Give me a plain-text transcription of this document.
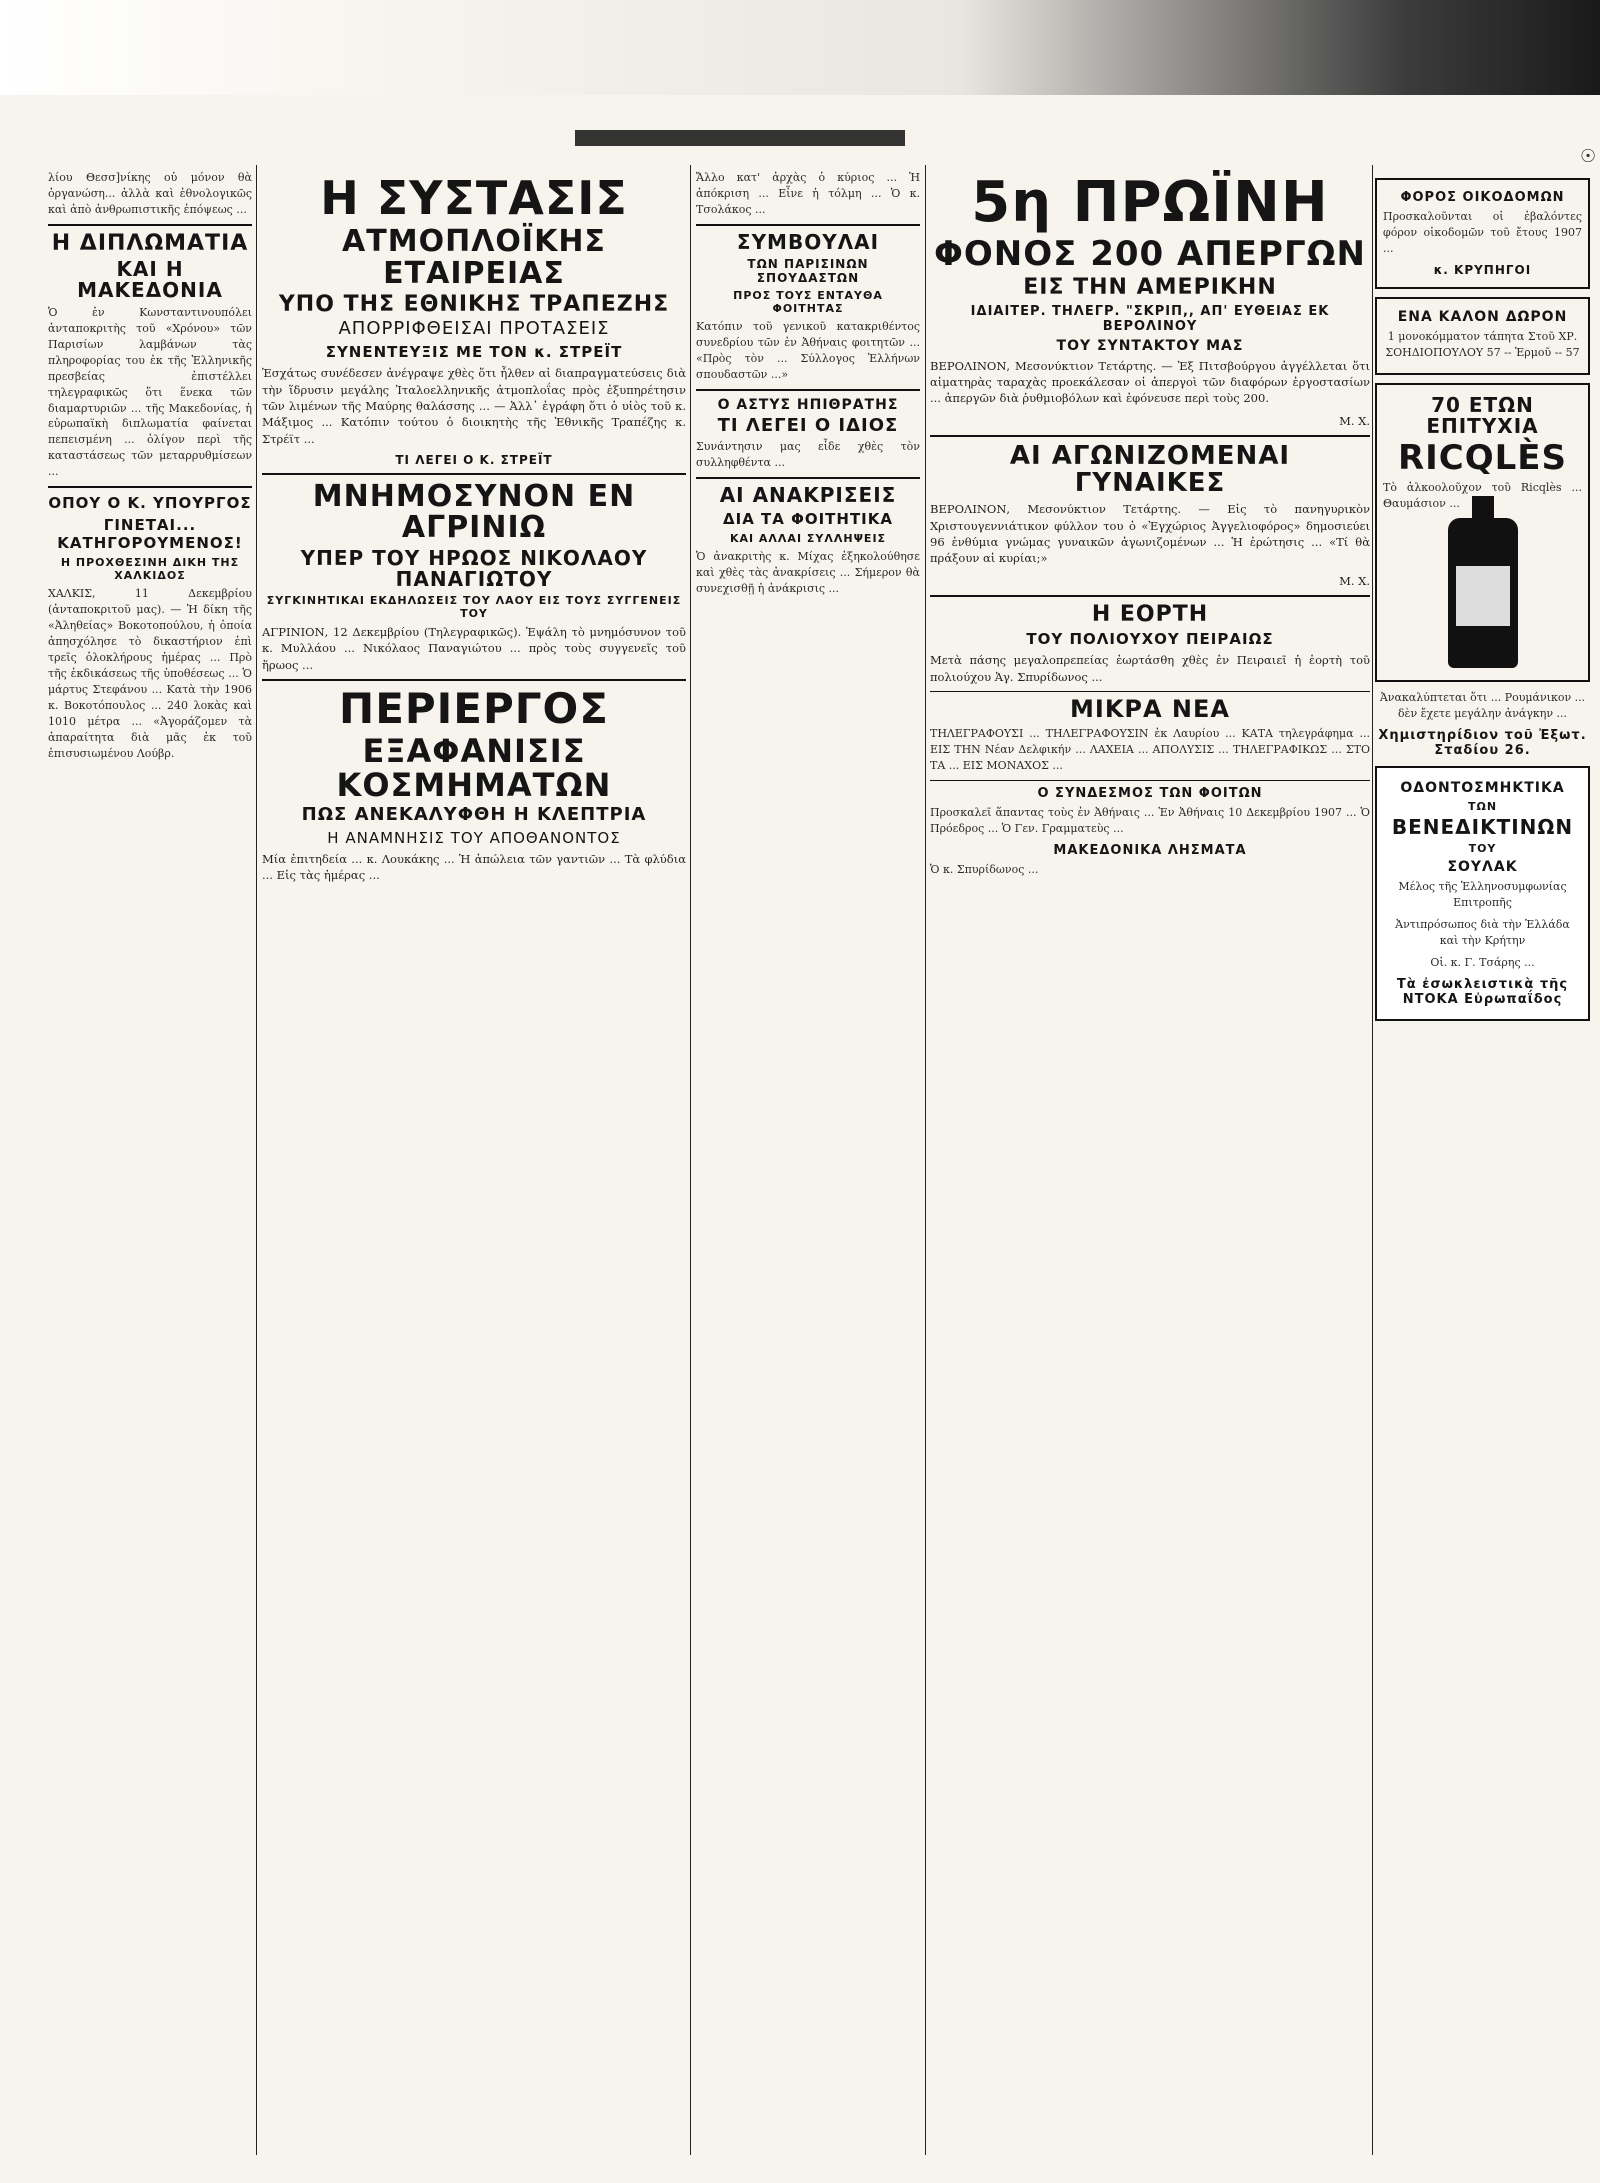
☉

λίου Θεσσ]νίκης οὐ μόνον θὰ ὀργανώση... ἀλλὰ καὶ ἐθνολογικῶς καὶ ἀπὸ ἀνθρωπιστικῆς ἐπόψεως ...

Η ΔΙΠΛΩΜΑΤΙΑ
ΚΑΙ Η ΜΑΚΕΔΟΝΙΑ

Ὁ ἐν Κωνσταντινουπόλει ἀνταποκριτὴς τοῦ «Χρόνου» τῶν Παρισίων λαμβάνων τὰς πληροφορίας του ἐκ τῆς Ἑλληνικῆς πρεσβείας ἐπιστέλλει τηλεγραφικῶς ὅτι ἕνεκα τῶν διαμαρτυριῶν ... τῆς Μακεδονίας, ἡ εὐρωπαϊκὴ διπλωματία φαίνεται πεπεισμένη ... ὀλίγον περὶ τῆς καταστάσεως τῶν μεταρρυθμίσεων ...

ΟΠΟΥ Ο Κ. ΥΠΟΥΡΓΟΣ
ΓΙΝΕΤΑΙ... ΚΑΤΗΓΟΡΟΥΜΕΝΟΣ!
Η ΠΡΟΧΘΕΣΙΝΗ ΔΙΚΗ ΤΗΣ ΧΑΛΚΙΔΟΣ

ΧΑΛΚΙΣ, 11 Δεκεμβρίου (ἀνταποκριτοῦ μας). — Ἡ δίκη τῆς «Ἀληθείας» Βοκοτοπούλου, ἡ ὁποία ἀπησχόλησε τὸ δικαστήριον ἐπὶ τρεῖς ὁλοκλήρους ἡμέρας ... Πρὸ τῆς ἐκδικάσεως τῆς ὑποθέσεως ... Ὁ μάρτυς Στεφάνου ... Κατὰ τὴν 1906 κ. Βοκοτόπουλος ... 240 λοκὰς καὶ 1010 μέτρα ... «Ἀγοράζομεν τὰ ἀπαραίτητα διὰ μᾶς ἐκ τοῦ ἐπισυσιωμένου Λούβρ.

Η ΣΥΣΤΑΣΙΣ
ΑΤΜΟΠΛΟΪΚΗΣ ΕΤΑΙΡΕΙΑΣ
ΥΠΟ ΤΗΣ ΕΘΝΙΚΗΣ ΤΡΑΠΕΖΗΣ
ΑΠΟΡΡΙΦΘΕΙΣΑΙ ΠΡΟΤΑΣΕΙΣ
ΣΥΝΕΝΤΕΥΞΙΣ ΜΕ ΤΟΝ κ. ΣΤΡΕΪΤ

Ἐσχάτως συνέδεσεν ἀνέγραψε χθὲς ὅτι ἦλθεν αἱ διαπραγματεύσεις διὰ τὴν ἵδρυσιν μεγάλης Ἰταλοελληνικῆς ἀτμοπλοΐας πρὸς ἐξυπηρέτησιν τῶν λιμένων τῆς Μαύρης θαλάσσης ... — Ἀλλ᾽ ἐγράφη ὅτι ὁ υἱὸς τοῦ κ. Μάξιμος ... Κατόπιν τούτου ὁ διοικητὴς τῆς Ἐθνικῆς Τραπέζης κ. Στρέϊτ ...

ΤΙ ΛΕΓΕΙ Ο Κ. ΣΤΡΕΪΤ
ΜΝΗΜΟΣΥΝΟΝ ΕΝ ΑΓΡΙΝΙΩ
ΥΠΕΡ ΤΟΥ ΗΡΩΟΣ ΝΙΚΟΛΑΟΥ ΠΑΝΑΓΙΩΤΟΥ
ΣΥΓΚΙΝΗΤΙΚΑΙ ΕΚΔΗΛΩΣΕΙΣ ΤΟΥ ΛΑΟΥ ΕΙΣ ΤΟΥΣ ΣΥΓΓΕΝΕΙΣ ΤΟΥ

ΑΓΡΙΝΙΟΝ, 12 Δεκεμβρίου (Τηλεγραφικῶς). Ἐψάλη τὸ μνημόσυνον τοῦ κ. Μυλλάου ... Νικόλαος Παναγιώτου ... πρὸς τοὺς συγγενεῖς τοῦ ἥρωος ...

ΠΕΡΙΕΡΓΟΣ
ΕΞΑΦΑΝΙΣΙΣ ΚΟΣΜΗΜΑΤΩΝ
ΠΩΣ ΑΝΕΚΑΛΥΦΘΗ Η ΚΛΕΠΤΡΙΑ
Η ΑΝΑΜΝΗΣΙΣ ΤΟΥ ΑΠΟΘΑΝΟΝΤΟΣ

Μία ἐπιτηδεία ... κ. Λουκάκης ... Ἡ ἀπώλεια τῶν γαντιῶν ... Τὰ φλύδια ... Εἰς τὰς ἡμέρας ...

Ἄλλο κατ' ἀρχὰς ὁ κύριος ... Ἡ ἀπόκριση ... Εἶνε ἡ τόλμη ... Ὁ κ. Τσολάκος ...

ΣΥΜΒΟΥΛΑΙ
ΤΩΝ ΠΑΡΙΣΙΝΩΝ ΣΠΟΥΔΑΣΤΩΝ
ΠΡΟΣ ΤΟΥΣ ΕΝΤΑΥΘΑ ΦΟΙΤΗΤΑΣ

Κατόπιν τοῦ γενικοῦ κατακριθέντος συνεδρίου τῶν ἐν Ἀθήναις φοιτητῶν ... «Πρὸς τὸν ... Σύλλογος Ἑλλήνων σπουδαστῶν ...»

Ο ΑΣΤΥΣ ΗΠΙΘΡΑΤΗΣ
ΤΙ ΛΕΓΕΙ Ο ΙΔΙΟΣ

Συνάντησιν μας εἶδε χθὲς τὸν συλληφθέντα ...

ΑΙ ΑΝΑΚΡΙΣΕΙΣ
ΔΙΑ ΤΑ ΦΟΙΤΗΤΙΚΑ
ΚΑΙ ΑΛΛΑΙ ΣΥΛΛΗΨΕΙΣ

Ὁ ἀνακριτὴς κ. Μίχας ἐξηκολούθησε καὶ χθὲς τὰς ἀνακρίσεις ... Σήμερον θὰ συνεχισθῇ ἡ ἀνάκρισις ...

5η ΠΡΩΪΝΗ
ΦΟΝΟΣ 200 ΑΠΕΡΓΩΝ
ΕΙΣ ΤΗΝ ΑΜΕΡΙΚΗΝ
ΙΔΙΑΙΤΕΡ. ΤΗΛΕΓΡ. "ΣΚΡΙΠ,, ΑΠ' ΕΥΘΕΙΑΣ ΕΚ ΒΕΡΟΛΙΝΟΥ
ΤΟΥ ΣΥΝΤΑΚΤΟΥ ΜΑΣ

ΒΕΡΟΛΙΝΟΝ, Μεσονύκτιον Τετάρτης. — Ἐξ Πιτσβούργου ἀγγέλλεται ὅτι αἱματηρὰς ταραχὰς προεκάλεσαν οἱ ἀπεργοὶ τῶν διαφόρων ἐργοστασίων ... ἀπεργῶν διὰ ῥυθμιοβόλων καὶ ἐφόνευσε περὶ τοὺς 200.

Μ. Χ.
ΑΙ ΑΓΩΝΙΖΟΜΕΝΑΙ ΓΥΝΑΙΚΕΣ

ΒΕΡΟΛΙΝΟΝ, Μεσονύκτιον Τετάρτης. — Εἰς τὸ πανηγυρικὸν Χριστουγεννιάτικον φύλλον του ὁ «Ἐγχώριος Ἀγγελιοφόρος» δημοσιεύει 96 ἐνθύμια γνώμας γυναικῶν ἀγωνιζομένων ... Ἡ ἐρώτησις ... «Τί θὰ πράξουν αἱ κυρίαι;»

Μ. Χ.
Η ΕΟΡΤΗ
ΤΟΥ ΠΟΛΙΟΥΧΟΥ ΠΕΙΡΑΙΩΣ

Μετὰ πάσης μεγαλοπρεπείας ἐωρτάσθη χθὲς ἐν Πειραιεῖ ἡ ἑορτὴ τοῦ πολιούχου Ἁγ. Σπυρίδωνος ...

ΜΙΚΡΑ ΝΕΑ

ΤΗΛΕΓΡΑΦΟΥΣΙ ... ΤΗΛΕΓΡΑΦΟΥΣΙΝ ἐκ Λαυρίου ... ΚΑΤΑ τηλεγράφημα ... ΕΙΣ ΤΗΝ Νέαν Δελφικήν ... ΛΑΧΕΙΑ ... ΑΠΟΛΥΣΙΣ ... ΤΗΛΕΓΡΑΦΙΚΩΣ ... ΣΤΟ ΤΑ ... ΕΙΣ ΜΟΝΑΧΟΣ ...

Ο ΣΥΝΔΕΣΜΟΣ ΤΩΝ ΦΟΙΤΩΝ

Προσκαλεῖ ἅπαντας τοὺς ἐν Ἀθήναις ... Ἐν Ἀθήναις 10 Δεκεμβρίου 1907 ... Ὁ Πρόεδρος ... Ὁ Γεν. Γραμματεὺς ...

ΜΑΚΕΔΟΝΙΚΑ ΛΗΣΜΑΤΑ

Ὁ κ. Σπυρίδωνος ...

ΦΟΡΟΣ ΟΙΚΟΔΟΜΩΝ

Προσκαλοῦνται οἱ ἐβαλόντες φόρον οἰκοδομῶν τοῦ ἔτους 1907 ...

κ. ΚΡΥΠΗΓΟΙ
ΕΝΑ ΚΑΛΟΝ ΔΩΡΟΝ

1 μονοκόμματον τάπητα Στοῦ ΧΡ. ΣΟΗΔΙΟΠΟΥΛΟΥ 57 -- Ἑρμοῦ -- 57

70 ΕΤΩΝ ΕΠΙΤΥΧΙΑ
RICQLÈS

Τὸ ἀλκοολοῦχον τοῦ Ricqlès ... Θαυμάσιον ...

Ἀνακαλύπτεται ὅτι ... Ρουμάνικον ... δὲν ἔχετε μεγάλην ἀνάγκην ...

Χημιστηρίδιον τοῦ Ἐξωτ. Σταδίου 26.
ΟΔΟΝΤΟΣΜΗΚΤΙΚΑ
ΤΩΝ
ΒΕΝΕΔΙΚΤΙΝΩΝ
ΤΟΥ
ΣΟΥΛΑΚ

Μέλος τῆς Ἑλληνοσυμφωνίας Επιτροπῆς

Ἀντιπρόσωπος διὰ τὴν Ἑλλάδα καὶ τὴν Κρήτην

Οἱ. κ. Γ. Τσάρης ...

Τὰ ἐσωκλειστικὰ τῆς ΝΤΟΚΑ Εὐρωπαΐδος
